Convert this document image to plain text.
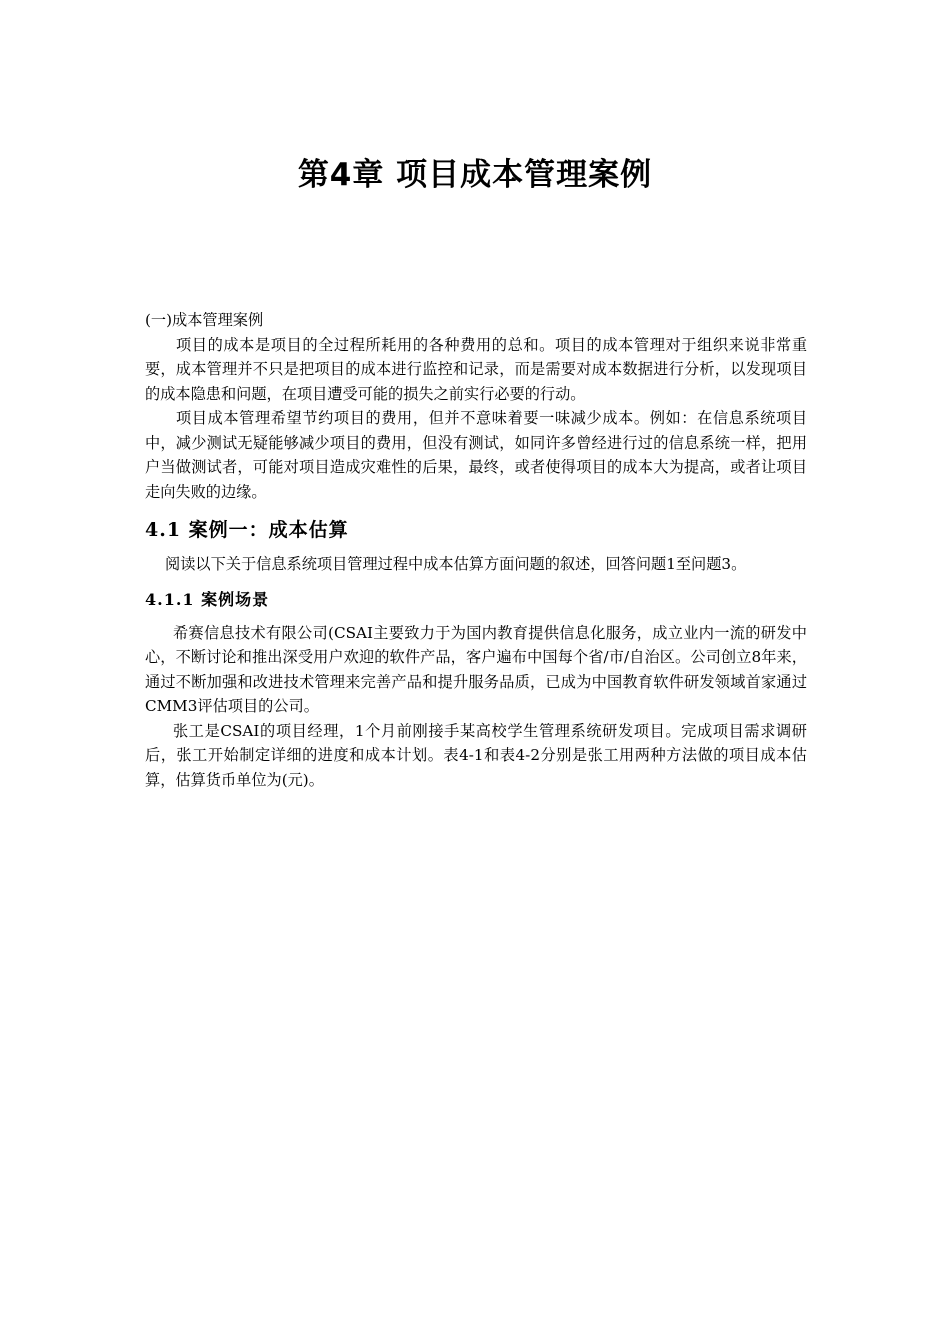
第4章 项目成本管理案例

(一)成本管理案例

项目的成本是项目的全过程所耗用的各种费用的总和。项目的成本管理对于组织来说非常重要，成本管理并不只是把项目的成本进行监控和记录，而是需要对成本数据进行分析，以发现项目的成本隐患和问题，在项目遭受可能的损失之前实行必要的行动。

项目成本管理希望节约项目的费用，但并不意味着要一味减少成本。例如：在信息系统项目中，减少测试无疑能够减少项目的费用，但没有测试，如同许多曾经进行过的信息系统一样，把用户当做测试者，可能对项目造成灾难性的后果，最终，或者使得项目的成本大为提高，或者让项目走向失败的边缘。

4.1 案例一：成本估算

阅读以下关于信息系统项目管理过程中成本估算方面问题的叙述，回答问题1至问题3。

4.1.1 案例场景

希赛信息技术有限公司(CSAI主要致力于为国内教育提供信息化服务，成立业内一流的研发中心，不断讨论和推出深受用户欢迎的软件产品，客户遍布中国每个省/市/自治区。公司创立8年来，通过不断加强和改进技术管理来完善产品和提升服务品质，已成为中国教育软件研发领域首家通过CMM3评估项目的公司。

张工是CSAI的项目经理，1个月前刚接手某高校学生管理系统研发项目。完成项目需求调研后，张工开始制定详细的进度和成本计划。表4-1和表4-2分别是张工用两种方法做的项目成本估算，估算货币单位为(元)。
